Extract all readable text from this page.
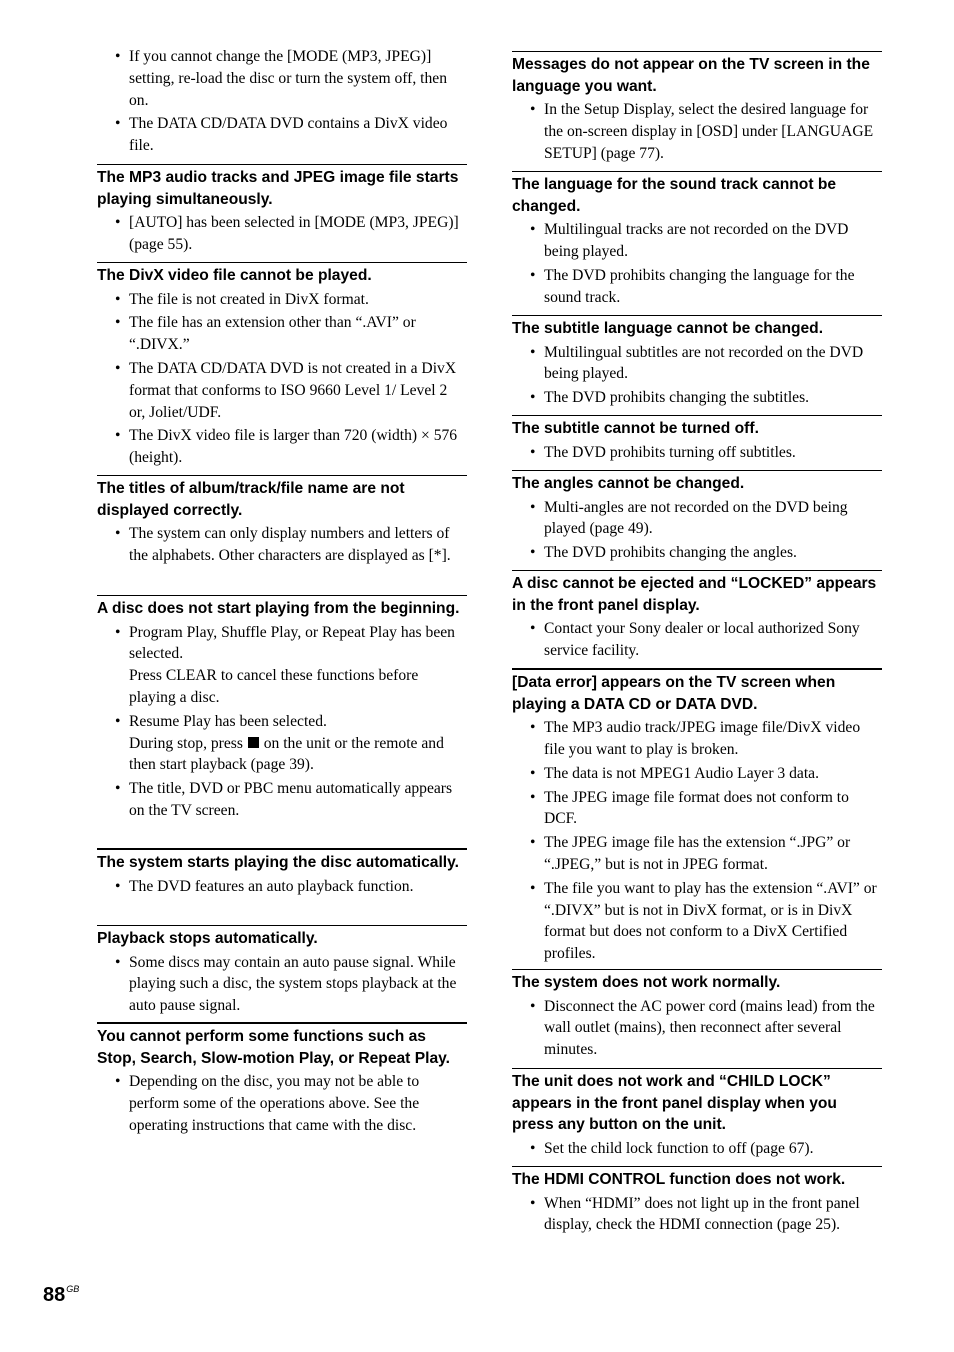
• If you cannot change the [MODE (MP3, JPEG)] setting, re-load the disc or turn the system off, then on.
• The DATA CD/DATA DVD contains a DivX video file.
The MP3 audio tracks and JPEG image file starts playing simultaneously.
• [AUTO] has been selected in [MODE (MP3, JPEG)] (page 55).
The DivX video file cannot be played.
• The file is not created in DivX format.
• The file has an extension other than “.AVI” or “.DIVX.”
• The DATA CD/DATA DVD is not created in a DivX format that conforms to ISO 9660 Level 1/ Level 2 or, Joliet/UDF.
• The DivX video file is larger than 720 (width) × 576 (height).
The titles of album/track/file name are not displayed correctly.
• The system can only display numbers and letters of the alphabets. Other characters are displayed as [*].
A disc does not start playing from the beginning.
• Program Play, Shuffle Play, or Repeat Play has been selected.
Press CLEAR to cancel these functions before playing a disc.
• Resume Play has been selected.
During stop, press on the unit or the remote and then start playback (page 39).
• The title, DVD or PBC menu automatically appears on the TV screen.
The system starts playing the disc automatically.
• The DVD features an auto playback function.
Playback stops automatically.
• Some discs may contain an auto pause signal. While playing such a disc, the system stops playback at the auto pause signal.
You cannot perform some functions such as Stop, Search, Slow-motion Play, or Repeat Play.
• Depending on the disc, you may not be able to perform some of the operations above. See the operating instructions that came with the disc.
Messages do not appear on the TV screen in the language you want.
• In the Setup Display, select the desired language for the on-screen display in [OSD] under [LANGUAGE SETUP] (page 77).
The language for the sound track cannot be changed.
• Multilingual tracks are not recorded on the DVD being played.
• The DVD prohibits changing the language for the sound track.
The subtitle language cannot be changed.
• Multilingual subtitles are not recorded on the DVD being played.
• The DVD prohibits changing the subtitles.
The subtitle cannot be turned off.
• The DVD prohibits turning off subtitles.
The angles cannot be changed.
• Multi-angles are not recorded on the DVD being played (page 49).
• The DVD prohibits changing the angles.
A disc cannot be ejected and “LOCKED” appears in the front panel display.
• Contact your Sony dealer or local authorized Sony service facility.
[Data error] appears on the TV screen when playing a DATA CD or DATA DVD.
• The MP3 audio track/JPEG image file/DivX video file you want to play is broken.
• The data is not MPEG1 Audio Layer 3 data.
• The JPEG image file format does not conform to DCF.
• The JPEG image file has the extension “.JPG” or “.JPEG,” but is not in JPEG format.
• The file you want to play has the extension “.AVI” or “.DIVX” but is not in DivX format, or is in DivX format but does not conform to a DivX Certified profiles.
The system does not work normally.
• Disconnect the AC power cord (mains lead) from the wall outlet (mains), then reconnect after several minutes.
The unit does not work and “CHILD LOCK” appears in the front panel display when you press any button on the unit.
• Set the child lock function to off (page 67).
The HDMI CONTROL function does not work.
• When “HDMI” does not light up in the front panel display, check the HDMI connection (page 25).
$88^{GB}$
